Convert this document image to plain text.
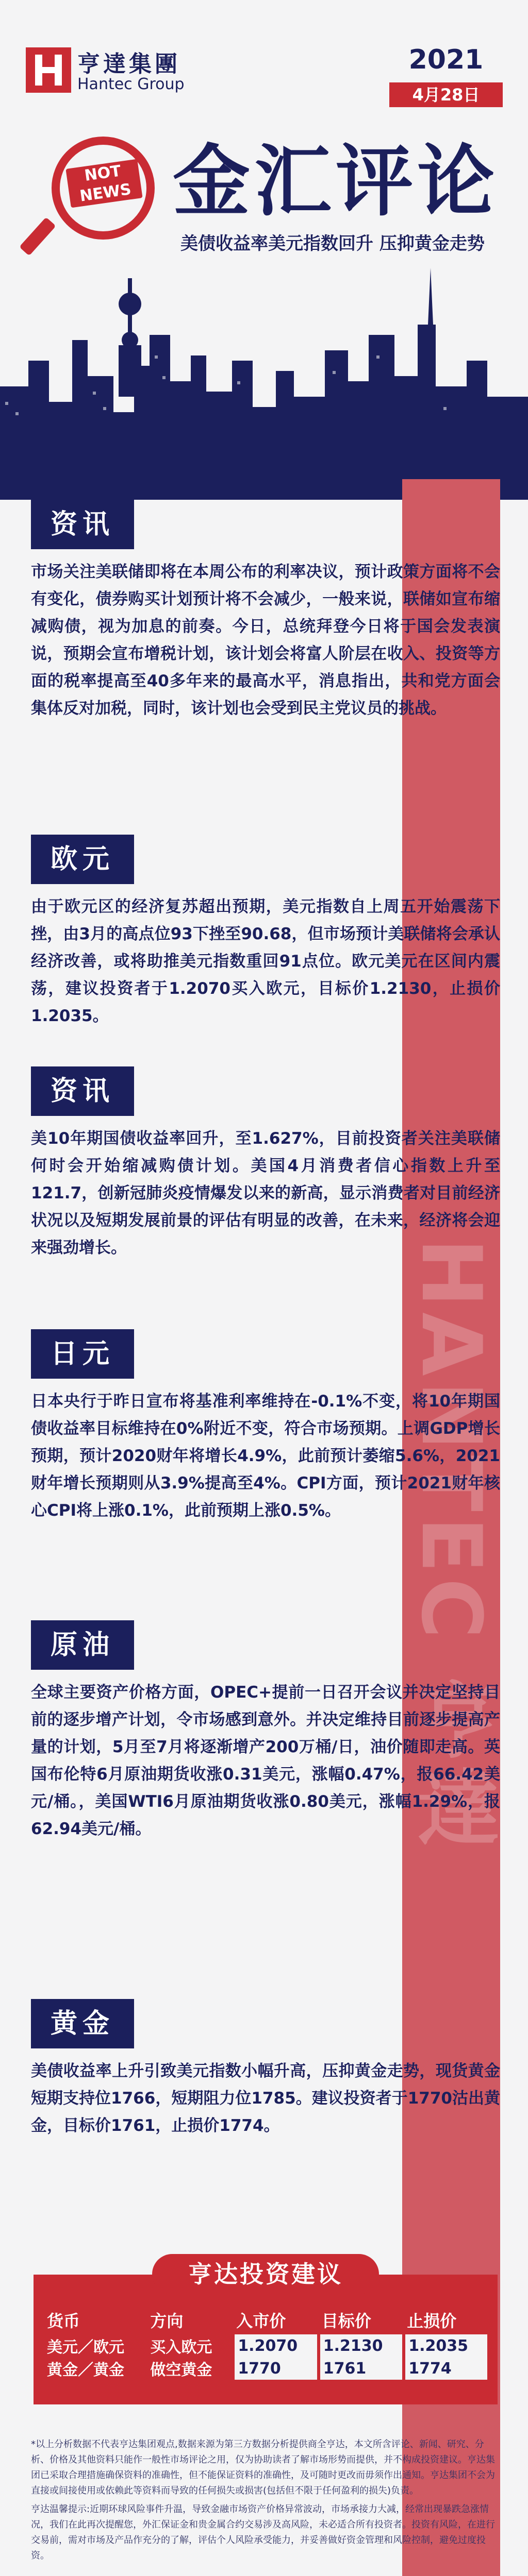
亨達集團
Hantec Group
2021
4月28日
NOT NEWS 金汇评论
美债收益率美元指数回升 压抑黄金走势
HANTEC 亨達
资讯

市场关注美联储即将在本周公布的利率决议，预计政策方面将不会有变化，债券购买计划预计将不会减少，一般来说，联储如宣布缩减购债，视为加息的前奏。今日，总统拜登今日将于国会发表演说，预期会宣布增税计划，该计划会将富人阶层在收入、投资等方面的税率提高至40多年来的最高水平，消息指出，共和党方面会集体反对加税，同时，该计划也会受到民主党议员的挑战。

欧元

由于欧元区的经济复苏超出预期，美元指数自上周五开始震荡下挫，由3月的高点位93下挫至90.68，但市场预计美联储将会承认经济改善，或将助推美元指数重回91点位。欧元美元在区间内震荡，建议投资者于1.2070买入欧元，目标价1.2130，止损价1.2035。

资讯

美10年期国债收益率回升，至1.627%，目前投资者关注美联储何时会开始缩减购债计划。美国4月消费者信心指数上升至121.7，创新冠肺炎疫情爆发以来的新高，显示消费者对目前经济状况以及短期发展前景的评估有明显的改善，在未来，经济将会迎来强劲增长。

日元

日本央行于昨日宣布将基准利率维持在-0.1%不变，将10年期国债收益率目标维持在0%附近不变，符合市场预期。上调GDP增长预期，预计2020财年将增长4.9%，此前预计萎缩5.6%，2021财年增长预期则从3.9%提高至4%。CPI方面，预计2021财年核心CPI将上涨0.1%，此前预期上涨0.5%。

原油

全球主要资产价格方面，OPEC+提前一日召开会议并决定坚持目前的逐步增产计划，令市场感到意外。并决定维持目前逐步提高产量的计划，5月至7月将逐渐增产200万桶/日，油价随即走高。英国布伦特6月原油期货收涨0.31美元，涨幅0.47%，报66.42美元/桶。，美国WTI6月原油期货收涨0.80美元，涨幅1.29%，报62.94美元/桶。

黄金

美债收益率上升引致美元指数小幅升高，压抑黄金走势，现货黄金短期支持位1766，短期阻力位1785。建议投资者于1770沽出黄金，目标价1761，止损价1774。

亨达投资建议
货币	方向	入市价	目标价	止损价
美元／欧元	买入欧元	1.2070	1.2130	1.2035
黄金／黄金	做空黄金	1770	1761	1774

*以上分析数据不代表亨达集团观点,数据来源为第三方数据分析提供商全亨达，本文所含评论、新闻、研究、分析、价格及其他资料只能作一般性市场评论之用，仅为协助读者了解市场形势而提供，并不构成投资建议。亨达集团已采取合理措施确保资料的准确性，但不能保证资料的准确性，及可随时更改而毋须作出通知。亨达集团不会为直接或间接使用或依赖此等资料而导致的任何损失或损害(包括但不限于任何盈利的损失)负责。

亨达温馨提示:近期环球风险事件升温，导致金融市场资产价格异常波动，市场承接力大减，经常出现暴跌急涨情况，我们在此再次提醒您，外汇保证金和贵金属合约交易涉及高风险，未必适合所有投资者。投资有风险，在进行交易前，需对市场及产品作充分的了解，评估个人风险承受能力，并妥善做好资金管理和风险控制，避免过度投资。
